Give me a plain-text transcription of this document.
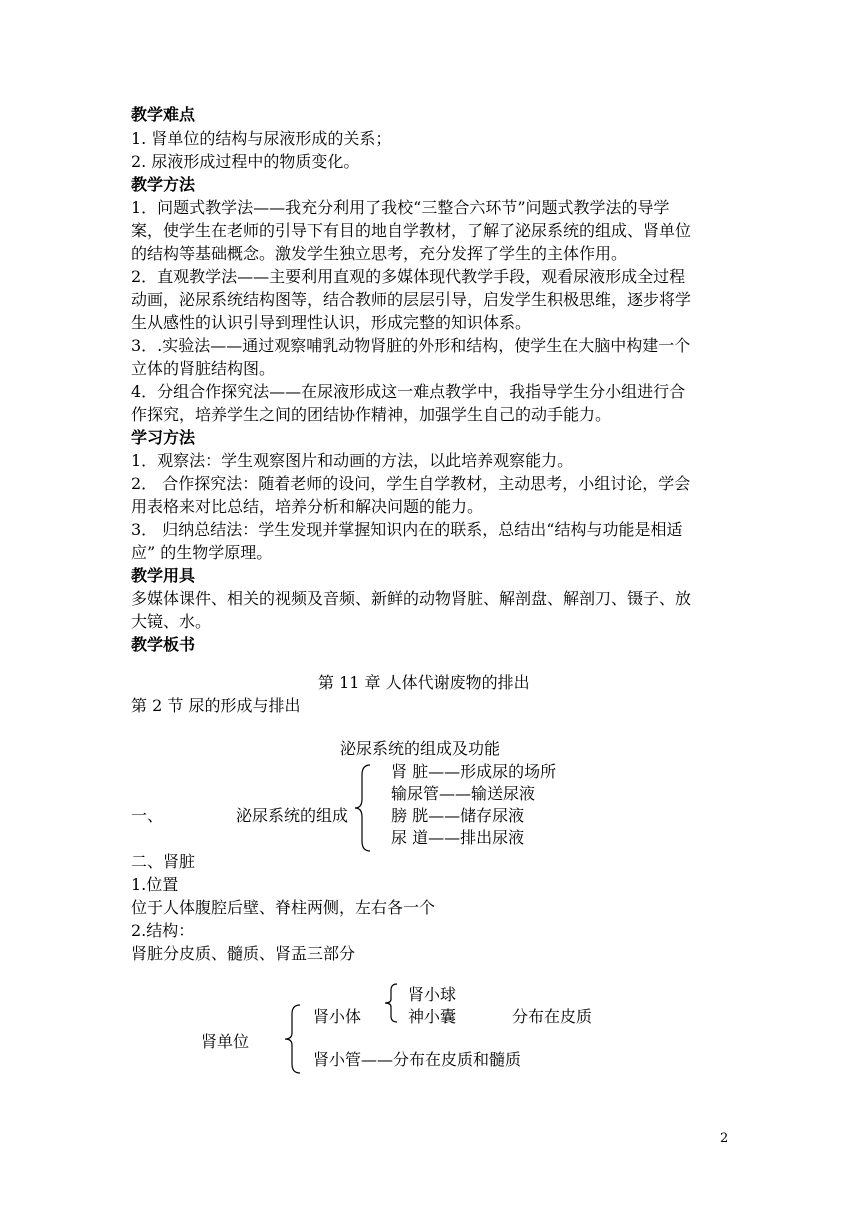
教学难点
1. 肾单位的结构与尿液形成的关系；
2. 尿液形成过程中的物质变化。
教学方法
1．问题式教学法——我充分利用了我校“三整合六环节”问题式教学法的导学
案，使学生在老师的引导下有目的地自学教材，了解了泌尿系统的组成、肾单位
的结构等基础概念。激发学生独立思考，充分发挥了学生的主体作用。
2．直观教学法——主要利用直观的多媒体现代教学手段，观看尿液形成全过程
动画，泌尿系统结构图等，结合教师的层层引导，启发学生积极思维，逐步将学
生从感性的认识引导到理性认识，形成完整的知识体系。
3．.实验法——通过观察哺乳动物肾脏的外形和结构，使学生在大脑中构建一个
立体的肾脏结构图。
4．分组合作探究法——在尿液形成这一难点教学中，我指导学生分小组进行合
作探究，培养学生之间的团结协作精神，加强学生自己的动手能力。
学习方法
1．观察法：学生观察图片和动画的方法，以此培养观察能力。
2． 合作探究法：随着老师的设问，学生自学教材，主动思考，小组讨论，学会
用表格来对比总结，培养分析和解决问题的能力。
3． 归纳总结法：学生发现并掌握知识内在的联系，总结出“结构与功能是相适
应” 的生物学原理。
教学用具
多媒体课件、相关的视频及音频、新鲜的动物肾脏、解剖盘、解剖刀、镊子、放
大镜、水。
教学板书
第 11 章 人体代谢废物的排出
第 2 节 尿的形成与排出
泌尿系统的组成及功能
一、	泌尿系统的组成
肾 脏——形成尿的场所
输尿管——输送尿液
膀 胱——储存尿液
尿 道——排出尿液
二、肾脏
1.位置
位于人体腹腔后壁、脊柱两侧，左右各一个
2.结构：
肾脏分皮质、髓质、肾盂三部分
肾单位
肾小体
肾小球
神小囊	分布在皮质
肾小管——分布在皮质和髓质
2
